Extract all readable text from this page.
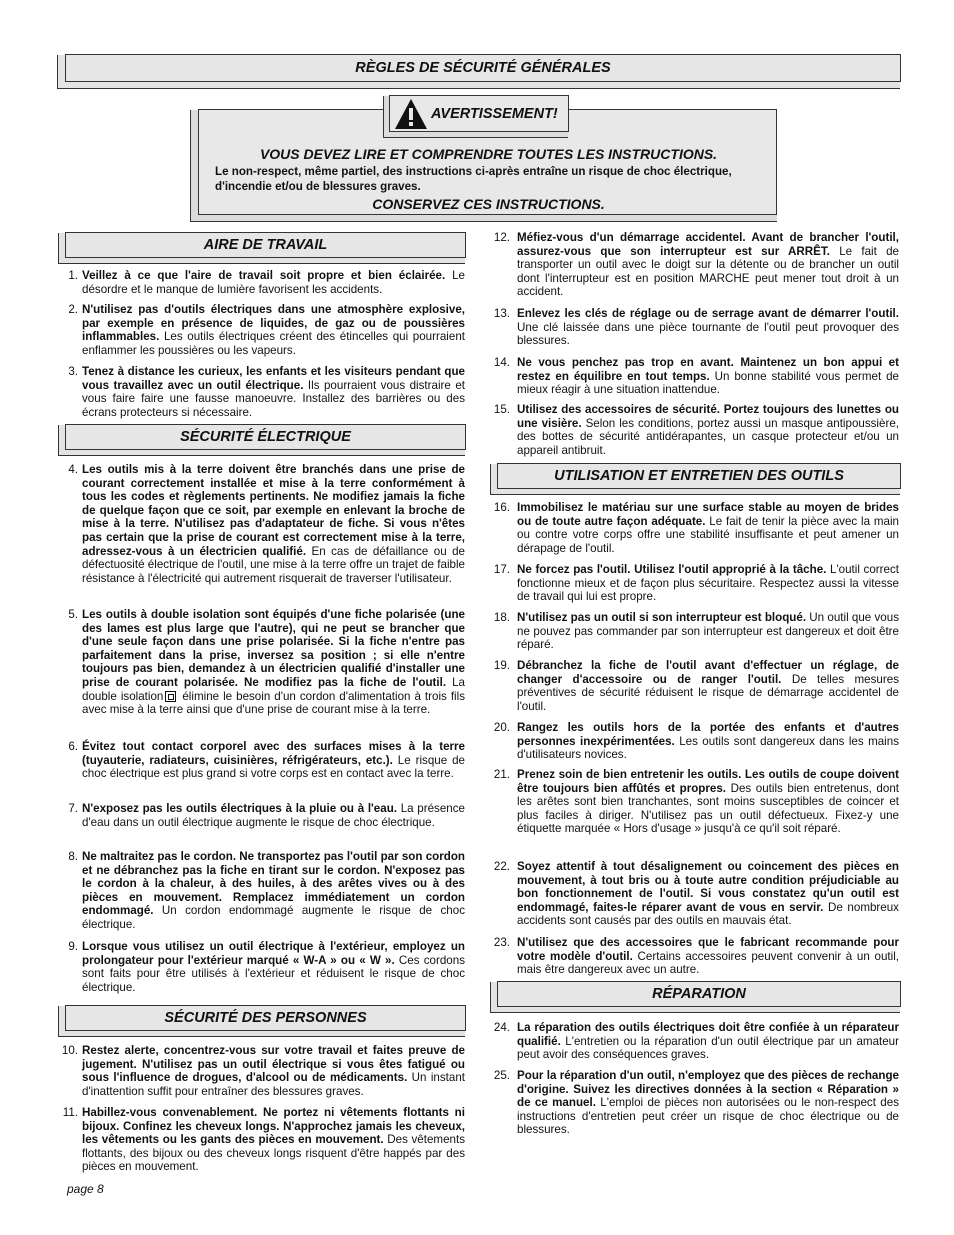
RÈGLES DE SÉCURITÉ GÉNÉRALES
AVERTISSEMENT!
VOUS DEVEZ LIRE ET COMPRENDRE TOUTES LES INSTRUCTIONS.
Le non-respect, même partiel, des instructions ci-après entraîne un risque de choc électrique, d'incendie et/ou de blessures graves.
CONSERVEZ CES INSTRUCTIONS.
AIRE DE TRAVAIL
SÉCURITÉ ÉLECTRIQUE
SÉCURITÉ DES PERSONNES
UTILISATION ET ENTRETIEN DES OUTILS
RÉPARATION
1. Veillez à ce que l'aire de travail soit propre et bien éclairée. Le désordre et le manque de lumière favorisent les accidents.
2. N'utilisez pas d'outils électriques dans une atmosphère explosive, par exemple en présence de liquides, de gaz ou de poussières inflammables. Les outils électriques créent des étincelles qui pourraient enflammer les poussières ou les vapeurs.
3. Tenez à distance les curieux, les enfants et les visiteurs pendant que vous travaillez avec un outil électrique. Ils pourraient vous distraire et vous faire faire une fausse manoeuvre. Installez des barrières ou des écrans protecteurs si nécessaire.
4. Les outils mis à la terre doivent être branchés dans une prise de courant correctement installée et mise à la terre conformément à tous les codes et règlements pertinents. Ne modifiez jamais la fiche de quelque façon que ce soit, par exemple en enlevant la broche de mise à la terre. N'utilisez pas d'adaptateur de fiche. Si vous n'êtes pas certain que la prise de courant est correctement mise à la terre, adressez-vous à un électricien qualifié. En cas de défaillance ou de défectuosité électrique de l'outil, une mise à la terre offre un trajet de faible résistance à l'électricité qui autrement risquerait de traverser l'utilisateur.
5. Les outils à double isolation sont équipés d'une fiche polarisée (une des lames est plus large que l'autre), qui ne peut se brancher que d'une seule façon dans une prise polarisée. Si la fiche n'entre pas parfaitement dans la prise, inversez sa position ; si elle n'entre toujours pas bien, demandez à un électricien qualifié d'installer une prise de courant polarisée. Ne modifiez pas la fiche de l'outil. La double isolation élimine le besoin d'un cordon d'alimentation à trois fils avec mise à la terre ainsi que d'une prise de courant mise à la terre.
6. Évitez tout contact corporel avec des surfaces mises à la terre (tuyauterie, radiateurs, cuisinières, réfrigérateurs, etc.). Le risque de choc électrique est plus grand si votre corps est en contact avec la terre.
7. N'exposez pas les outils électriques à la pluie ou à l'eau. La présence d'eau dans un outil électrique augmente le risque de choc électrique.
8. Ne maltraitez pas le cordon. Ne transportez pas l'outil par son cordon et ne débranchez pas la fiche en tirant sur le cordon. N'exposez pas le cordon à la chaleur, à des huiles, à des arêtes vives ou à des pièces en mouvement. Remplacez immédiatement un cordon endommagé. Un cordon endommagé augmente le risque de choc électrique.
9. Lorsque vous utilisez un outil électrique à l'extérieur, employez un prolongateur pour l'extérieur marqué « W-A » ou « W ». Ces cordons sont faits pour être utilisés à l'extérieur et réduisent le risque de choc électrique.
10. Restez alerte, concentrez-vous sur votre travail et faites preuve de jugement. N'utilisez pas un outil électrique si vous êtes fatigué ou sous l'influence de drogues, d'alcool ou de médicaments. Un instant d'inattention suffit pour entraîner des blessures graves.
11. Habillez-vous convenablement. Ne portez ni vêtements flottants ni bijoux. Confinez les cheveux longs. N'approchez jamais les cheveux, les vêtements ou les gants des pièces en mouvement. Des vêtements flottants, des bijoux ou des cheveux longs risquent d'être happés par des pièces en mouvement.
12. Méfiez-vous d'un démarrage accidentel. Avant de brancher l'outil, assurez-vous que son interrupteur est sur ARRÊT. Le fait de transporter un outil avec le doigt sur la détente ou de brancher un outil dont l'interrupteur est en position MARCHE peut mener tout droit à un accident.
13. Enlevez les clés de réglage ou de serrage avant de démarrer l'outil. Une clé laissée dans une pièce tournante de l'outil peut provoquer des blessures.
14. Ne vous penchez pas trop en avant. Maintenez un bon appui et restez en équilibre en tout temps. Un bonne stabilité vous permet de mieux réagir à une situation inattendue.
15. Utilisez des accessoires de sécurité. Portez toujours des lunettes ou une visière. Selon les conditions, portez aussi un masque antipoussière, des bottes de sécurité antidérapantes, un casque protecteur et/ou un appareil antibruit.
16. Immobilisez le matériau sur une surface stable au moyen de brides ou de toute autre façon adéquate. Le fait de tenir la pièce avec la main ou contre votre corps offre une stabilité insuffisante et peut amener un dérapage de l'outil.
17. Ne forcez pas l'outil. Utilisez l'outil approprié à la tâche. L'outil correct fonctionne mieux et de façon plus sécuritaire. Respectez aussi la vitesse de travail qui lui est propre.
18. N'utilisez pas un outil si son interrupteur est bloqué. Un outil que vous ne pouvez pas commander par son interrupteur est dangereux et doit être réparé.
19. Débranchez la fiche de l'outil avant d'effectuer un réglage, de changer d'accessoire ou de ranger l'outil. De telles mesures préventives de sécurité réduisent le risque de démarrage accidentel de l'outil.
20. Rangez les outils hors de la portée des enfants et d'autres personnes inexpérimentées. Les outils sont dangereux dans les mains d'utilisateurs novices.
21. Prenez soin de bien entretenir les outils. Les outils de coupe doivent être toujours bien affûtés et propres. Des outils bien entretenus, dont les arêtes sont bien tranchantes, sont moins susceptibles de coincer et plus faciles à diriger. N'utilisez pas un outil défectueux. Fixez-y une étiquette marquée « Hors d'usage » jusqu'à ce qu'il soit réparé.
22. Soyez attentif à tout désalignement ou coincement des pièces en mouvement, à tout bris ou à toute autre condition préjudiciable au bon fonctionnement de l'outil. Si vous constatez qu'un outil est endommagé, faites-le réparer avant de vous en servir. De nombreux accidents sont causés par des outils en mauvais état.
23. N'utilisez que des accessoires que le fabricant recommande pour votre modèle d'outil. Certains accessoires peuvent convenir à un outil, mais être dangereux avec un autre.
24. La réparation des outils électriques doit être confiée à un réparateur qualifié. L'entretien ou la réparation d'un outil électrique par un amateur peut avoir des conséquences graves.
25. Pour la réparation d'un outil, n'employez que des pièces de rechange d'origine. Suivez les directives données à la section « Réparation » de ce manuel. L'emploi de pièces non autorisées ou le non-respect des instructions d'entretien peut créer un risque de choc électrique ou de blessures.
page 8
